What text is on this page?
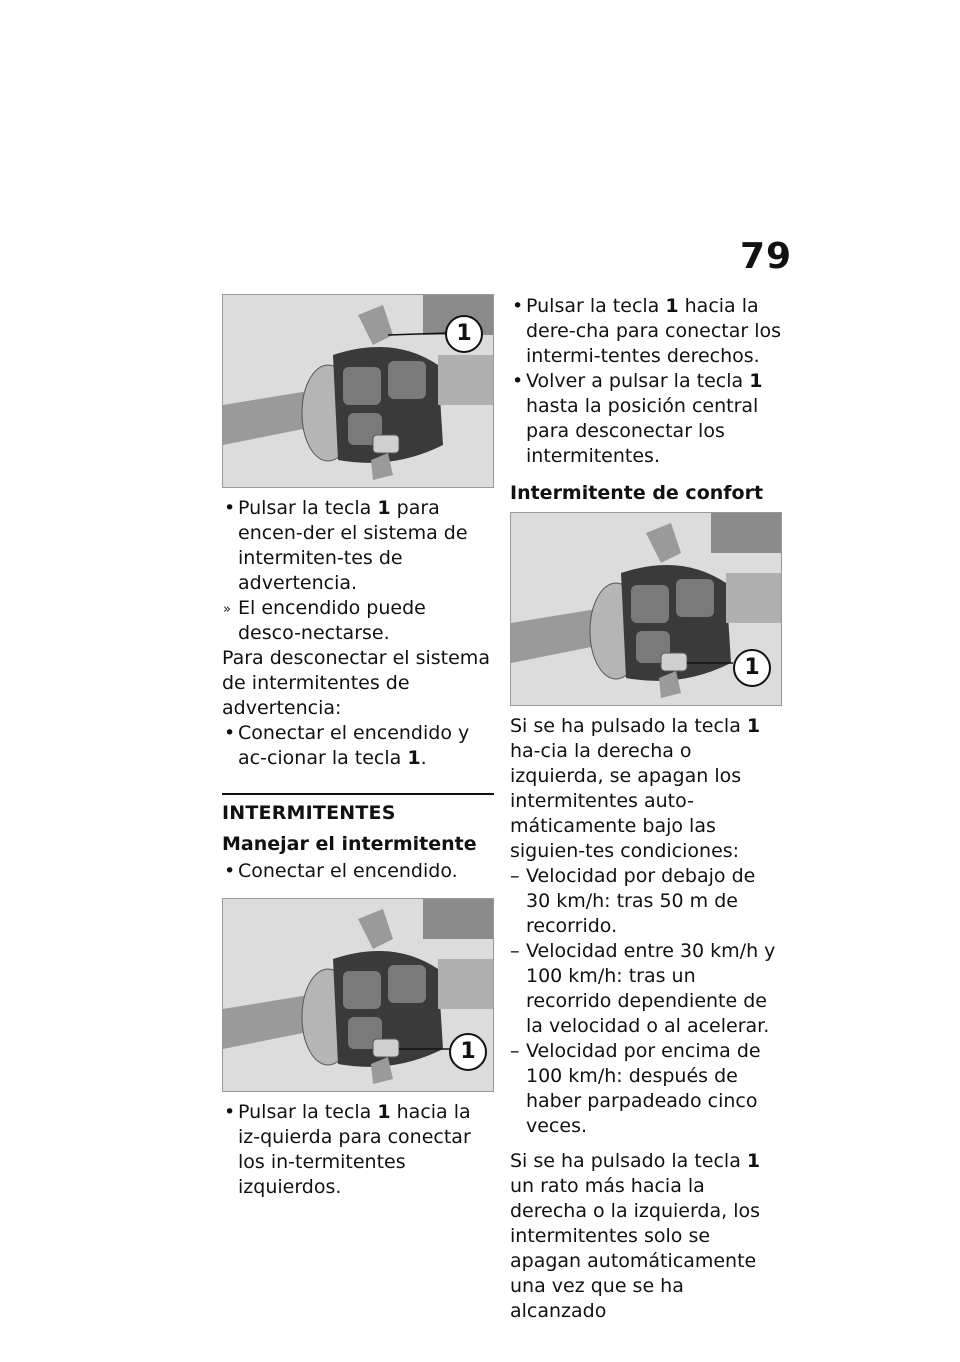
79
1
• Pulsar la tecla 1 para encen-der el sistema de intermiten-tes de advertencia.
» El encendido puede desco-nectarse.
Para desconectar el sistema de intermitentes de advertencia:
• Conectar el encendido y ac-cionar la tecla 1.
INTERMITENTES
Manejar el intermitente
• Conectar el encendido.
1
• Pulsar la tecla 1 hacia la iz-quierda para conectar los in-termitentes izquierdos.
• Pulsar la tecla 1 hacia la dere-cha para conectar los intermi-tentes derechos.
• Volver a pulsar la tecla 1 hasta la posición central para desconectar los intermitentes.
Intermitente de confort
1
Si se ha pulsado la tecla 1 ha-cia la derecha o izquierda, se apagan los intermitentes auto-máticamente bajo las siguien-tes condiciones:
– Velocidad por debajo de 30 km/h: tras 50 m de recorrido.
– Velocidad entre 30 km/h y 100 km/h: tras un recorrido dependiente de la velocidad o al acelerar.
– Velocidad por encima de 100 km/h: después de haber parpadeado cinco veces.
Si se ha pulsado la tecla 1 un rato más hacia la derecha o la izquierda, los intermitentes solo se apagan automáticamente una vez que se ha alcanzado
